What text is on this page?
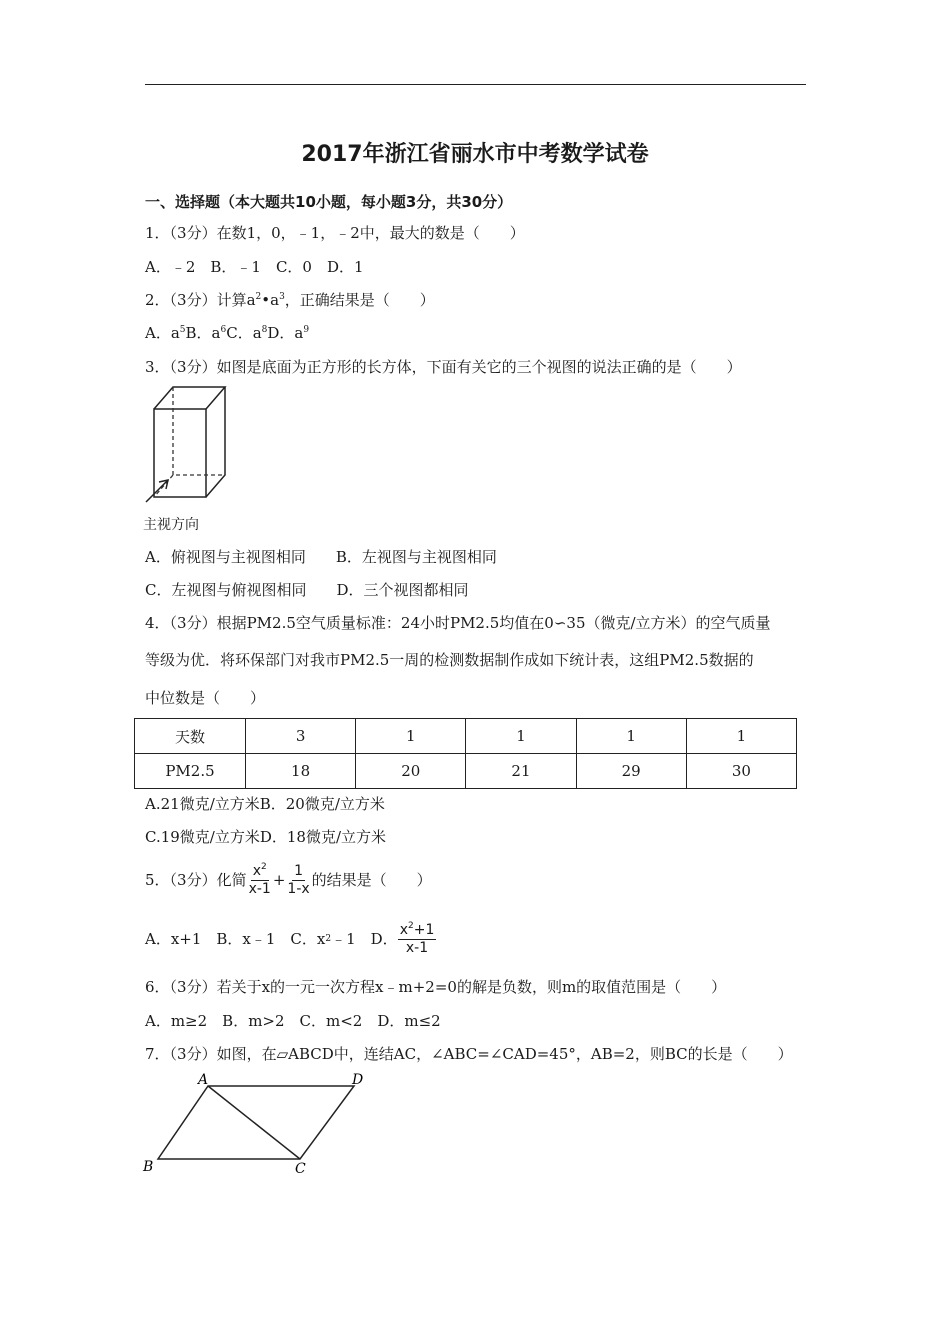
2017年浙江省丽水市中考数学试卷
一、选择题（本大题共10小题，每小题3分，共30分）
1．（3分）在数1，0，﹣1，﹣2中，最大的数是（　　）
A．﹣2　B．﹣1　C．0　D．1
2．（3分）计算$a^2•a^3$，正确结果是（　　）
A．$a^5B$．$a^6C$．$a^8D$．$a^9$
3．（3分）如图是底面为正方形的长方体，下面有关它的三个视图的说法正确的是（　　）
主视方向
A．俯视图与主视图相同　　B．左视图与主视图相同
C．左视图与俯视图相同　　D．三个视图都相同
4．（3分）根据PM2.5空气质量标准：24小时PM2.5均值在0∽35（微克/立方米）的空气质量
等级为优．将环保部门对我市PM2.5一周的检测数据制作成如下统计表，这组PM2.5数据的
中位数是（　　）
天数	3	1	1	1	1
PM2.5	18	20	21	29	30
A.21微克/立方米B．20微克/立方米
C.19微克/立方米D．18微克/立方米
5．（3分）化简 $\frac{x^2}{x-1} + \frac{1}{1-x}$ 的结果是（　　）
A．x+1　B．x﹣1　C．x 2 ﹣1　D． $\frac{x^2+1}{x-1}$
6．（3分）若关于x的一元一次方程x﹣m+2=0的解是负数，则m的取值范围是（　　）
A．m≥2　B．m>2　C．m<2　D．m≤2
7．（3分）如图，在▱ABCD中，连结AC，∠ABC=∠CAD=45°，AB=2，则BC的长是（　　）
A	D
B	C
